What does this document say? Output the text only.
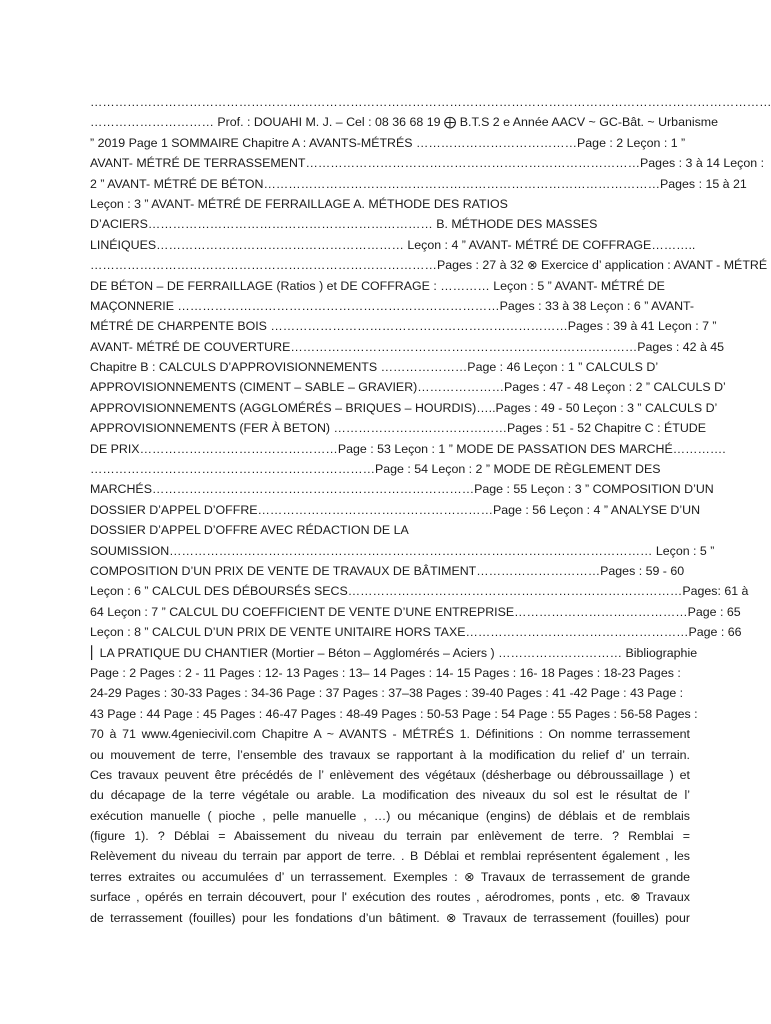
…………………………………………………………………………………………………………………………………………………
………………………… Prof. : DOUAHI M. J. – Cel : 08 36 68 19 ⨁ B.T.S 2 e Année AACV ~ GC-Bât. ~ Urbanisme
” 2019 Page 1 SOMMAIRE Chapitre A : AVANTS-MÉTRÉS …………………………………Page : 2 Leçon : 1 ”
AVANT- MÉTRÉ DE TERRASSEMENT………………………………………………………………………Pages : 3 à 14 Leçon :
2 ” AVANT- MÉTRÉ DE BÉTON……………………………………………………………………………………Pages : 15 à 21
Leçon : 3 ” AVANT- MÉTRÉ DE FERRAILLAGE A. MÉTHODE DES RATIOS
D’ACIERS…………………………………………………………… B. MÉTHODE DES MASSES
LINÉIQUES…………………………………………………… Leçon : 4 ” AVANT- MÉTRÉ DE COFFRAGE………..
…………………………………………………………………………Pages : 27 à 32 ⊗ Exercice d’ application : AVANT - MÉTRÉ
DE BÉTON – DE FERRAILLAGE (Ratios ) et DE COFFRAGE : ………… Leçon : 5 ” AVANT- MÉTRÉ DE
MAÇONNERIE ……………………………………………………………………Pages : 33 à 38 Leçon : 6 ” AVANT-
MÉTRÉ DE CHARPENTE BOIS ………………………………………………………………Pages : 39 à 41 Leçon : 7 ”
AVANT- MÉTRÉ DE COUVERTURE…………………………………………………………………………Pages : 42 à 45
Chapitre B : CALCULS D’APPROVISIONNEMENTS …………………Page : 46 Leçon : 1 ” CALCULS D’
APPROVISIONNEMENTS (CIMENT – SABLE – GRAVIER)…………………Pages : 47 - 48 Leçon : 2 ” CALCULS D’
APPROVISIONNEMENTS (AGGLOMÉRÉS – BRIQUES – HOURDIS)…..Pages : 49 - 50 Leçon : 3 ” CALCULS D’
APPROVISIONNEMENTS (FER À BETON) ……………………………………Pages : 51 - 52 Chapitre C : ÉTUDE
DE PRIX…………………………………………Page : 53 Leçon : 1 ” MODE DE PASSATION DES MARCHÉ………….
……………………………………………………………Page : 54 Leçon : 2 ” MODE DE RÈGLEMENT DES
MARCHÉS……………………………………………………………………Page : 55 Leçon : 3 ” COMPOSITION D’UN
DOSSIER D’APPEL D’OFFRE…………………………………………………Page : 56 Leçon : 4 ” ANALYSE D’UN
DOSSIER D’APPEL D’OFFRE AVEC RÉDACTION DE LA
SOUMISSION……………………………………………………………………………………………………… Leçon : 5 ”
COMPOSITION D’UN PRIX DE VENTE DE TRAVAUX DE BÂTIMENT…………………………Pages : 59 - 60
Leçon : 6 ” CALCUL DES DÉBOURSÉS SECS………………………………………………………………………Pages: 61 à
64 Leçon : 7 ” CALCUL DU COEFFICIENT DE VENTE D’UNE ENTREPRISE……………………………………Page : 65
Leçon : 8 ” CALCUL D’UN PRIX DE VENTE UNITAIRE HORS TAXE………………………………………………Page : 66
⎜ LA PRATIQUE DU CHANTIER (Mortier – Béton – Agglomérés – Aciers ) ………………………… Bibliographie
Page : 2 Pages : 2 - 11 Pages : 12- 13 Pages : 13– 14 Pages : 14- 15 Pages : 16- 18 Pages : 18-23 Pages :
24-29 Pages : 30-33 Pages : 34-36 Page : 37 Pages : 37–38 Pages : 39-40 Pages : 41 -42 Page : 43 Page :
43 Page : 44 Page : 45 Pages : 46-47 Pages : 48-49 Pages : 50-53 Page : 54 Page : 55 Pages : 56-58 Pages :
70 à 71 www.4geniecivil.com Chapitre A ~ AVANTS - MÉTRÉS 1. Définitions : On nomme terrassement
ou mouvement de terre, l’ensemble des travaux se rapportant à la modification du relief d’ un terrain.
Ces travaux peuvent être précédés de l’ enlèvement des végétaux (désherbage ou débroussaillage ) et
du décapage de la terre végétale ou arable. La modification des niveaux du sol est le résultat de l’
exécution manuelle ( pioche , pelle manuelle , …) ou mécanique (engins) de déblais et de remblais
(figure 1). ? Déblai = Abaissement du niveau du terrain par enlèvement de terre. ? Remblai =
Relèvement du niveau du terrain par apport de terre. . B Déblai et remblai représentent également , les
terres extraites ou accumulées d’ un terrassement. Exemples : ⊗ Travaux de terrassement de grande
surface , opérés en terrain découvert, pour l' exécution des routes , aérodromes, ponts , etc. ⊗ Travaux
de terrassement (fouilles) pour les fondations d’un bâtiment. ⊗ Travaux de terrassement (fouilles) pour
